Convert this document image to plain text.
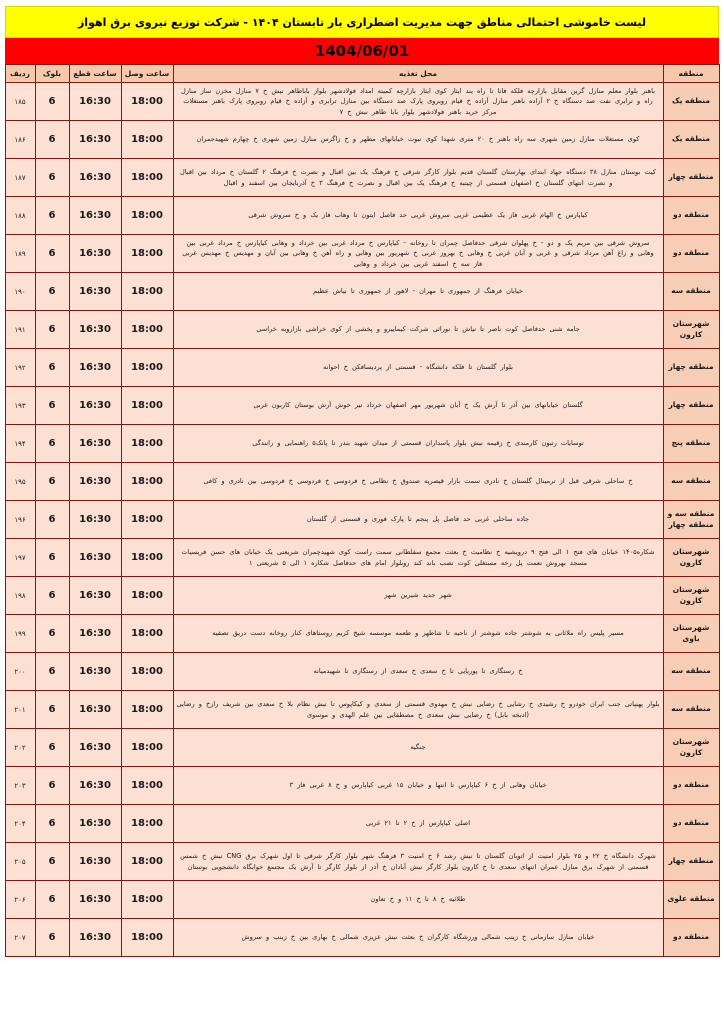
لیست خاموشی احتمالی مناطق جهت مدیریت اضطراری بار تابستان ۱۴۰۴ - شرکت توزیع نیروی برق اهواز
1404/06/01
منطقه	محل تغذیه	ساعت وصل	ساعت قطع	بلوک	ردیف
منطقه یک	باهنر بلوار معلم منازل گرین مقابل بازارچه فلکه فاتا تا راه بند ایثار کوی ایثار بازارچه کمیته امداد فولادشهر بلوار باباطاهر نبش خ ۷ منازل مخزن ساز منازل راه و ترابری نفت صد دستگاه خ ۲ آزاده باهنر منازل آزاده خ قیام روبروی پارک صد دستگاه بین منازل ترابری و آزاده خ قیام روبروی پارک باهنر مستغلات مرکز خرید باهنر فولادشهر بلوار بابا طاهر نبش خ ۷	18:00	16:30	6	۱۸۵
منطقه یک	کوی مستغلات منازل زمین شهری سه راه باهنر خ ۲۰ متری شهدا کوی نبوت خیابانهای مطهر و خ زاگرس منازل زمین شهری خ چهارم شهیدجمران	18:00	16:30	6	۱۸۶
منطقه چهار	کیت بوستان منازل ۳۸ دستگاه جهاد ابتدای بهارستان گلستان قدیم بلوار کارگر شرقی خ فرهنگ یک بین اقبال و نصرت خ فرهنگ ۲ گلستان خ مرداد بین اقبال و نصرت انتهای گلستان خ اصفهان قسمتی از چیتبه خ فرهنگ یک بین اقبال و نصرت خ فرهنگ ۳ خ آذربایجان بین اسفند و اقبال	18:00	16:30	6	۱۸۷
منطقه دو	کیاپارس خ الهام غربی فاز یک عظیمی غربی سروش غربی حد فاصل ایتون تا وهاب فاز یک و خ سروش شرقی	18:00	16:30	6	۱۸۸
منطقه دو	سروش شرقی بین مریم یک و دو - خ پهلوان شرقی حدفاصل چمران تا روخانه - کیاپارس خ مرداد غربی بین خرداد و وهابی کیاپارس خ مرداد غربی بین وهابی و زاغ آهن مرداد شرقی و غربی و آبان غربی خ وهابی خ بهروز غربی خ شهریور بین وهابی و راه آهن خ وهابی بین آبان و مهدیس خ مهدیس غربی فاز سه خ اسفند غربی بین خرداد و وهابی	18:00	16:30	6	۱۸۹
منطقه سه	خیابان فرهنگ از جمهوری تا مهران - لاهور از جمهوری تا نیاش عظیم	18:00	16:30	6	۱۹۰
شهرستان کارون	جامه شنی حدفاصل کوت ناصر تا نیاش تا نوراثی شرکت کیماییرو و پخشی از کوی خراشی بازاروبه خراسی	18:00	16:30	6	۱۹۱
منطقه چهار	بلوار گلستان تا فلکه دانشگاه - قسمتی از پردیسافکن خ احوانه	18:00	16:30	6	۱۹۲
منطقه چهار	گلستان خیابانهای بین آذر تا آرش یک خ آبان شهریور مهر اصفهان خرداد تیر خوش آرش بوستان کاربون غربی	18:00	16:30	6	۱۹۳
منطقه پنج	توسایات رتبون کارمندی خ زقیمه نیش بلوار پاسداران قسمتی از میدان شهید بندر تا پانک۵ راهنمایی و رانندگی	18:00	16:30	6	۱۹۴
منطقه سه	خ ساحلی شرقی قبل از ترمینال گلستان خ نادری سمت بازار قیصریه صندوق خ نظامی خ فردوسی خ فردوسی خ فردوسی بین نادری و کافی	18:00	16:30	6	۱۹۵
منطقه سه و منطقه چهار	جاده ساحلی غربی حد فاصل پل پنجم تا پارک فوری و قسمتی از گلستان	18:00	16:30	6	۱۹۶
شهرستان کارون	شکاره۱۴۰۵ خیابان های فتح ۱ الی فتح ۹ درویشیه خ نظامیت خ بعثت مجمع سفلطانی سمت راست کوی شهیدچمران شریعتی یک خیابان های حسن فریسیات مسجد بهروش نعمت پل رخه مستغلی کوت نصب باند کند روبلوار امام های حدفاصل شکاره ۱ الی ۵ شریعتی ۱	18:00	16:30	6	۱۹۷
شهرستان کارون	شهر جدید شیرین شهر	18:00	16:30	6	۱۹۸
شهرستان باوی	مسیر پلیس راه ملاثانی به شوشتر جاده شوشتر از ناحیه تا شاطهر و طعمه موسسه شیخ کریم روستاهای کنار روخانه دست دریق تصفیه	18:00	16:30	6	۱۹۹
منطقه سه	خ رستگاری تا پوریایی تا خ سعدی خ سعدی از رستگاری تا شهیدمیانه	18:00	16:30	6	۲۰۰
منطقه سه	بلوار پهنپاتی جنب ایران خودرو خ رشیدی خ رشایی خ رضایی نبش خ مهدوی قسمتی از سعدی و کیکاپوس تا نبش نظام بلا خ سعدی بین شریف رازخ و رضایی (ادبخه بابل) خ رضایی نبش سعدی خ مصطفایی بین علم الهدی و موسوی	18:00	16:30	6	۲۰۱
شهرستان کارون	جنگیه	18:00	16:30	6	۲۰۲
منطقه دو	خیابان وهابی از خ ۶ کیاپارس تا انتها و خیابان ۱۵ غربی کیاپارس و خ ۸ غربی فاز ۳	18:00	16:30	6	۲۰۳
منطقه دو	اصلی کیاپارس از خ ۲ تا ۲۱ غربی	18:00	16:30	6	۲۰۴
منطقه چهار	شهرک دانشگاه خ ۲۲ و ۲۵ بلوار امنیت از اتوبان گلستان تا نبش رشد ۶ خ امنیت ۳ فرهنگ شهر بلوار کارگر شرقی تا اول شهرک برق CNG نبش خ شمس قسمتی از شهرک برق منازل عمران انتهای سعدی تا خ کارون بلوار کارگر نبش آبادان خ آذر از بلوار کارگر تا آرش یک مجتمع خوابگاه دانشجویی بوستان	18:00	16:30	6	۲۰۵
منطقه علوی	طلائیه خ ۸ تا خ ۱۱ و خ تعاون	18:00	16:30	6	۲۰۶
منطقه دو	خیابان منازل سازمانی خ زینب شمالی ورزشگاه کارگران خ بعثت نبش عزیزی شمالی خ بهاری بین خ زینب و سروش	18:00	16:30	6	۲۰۷
